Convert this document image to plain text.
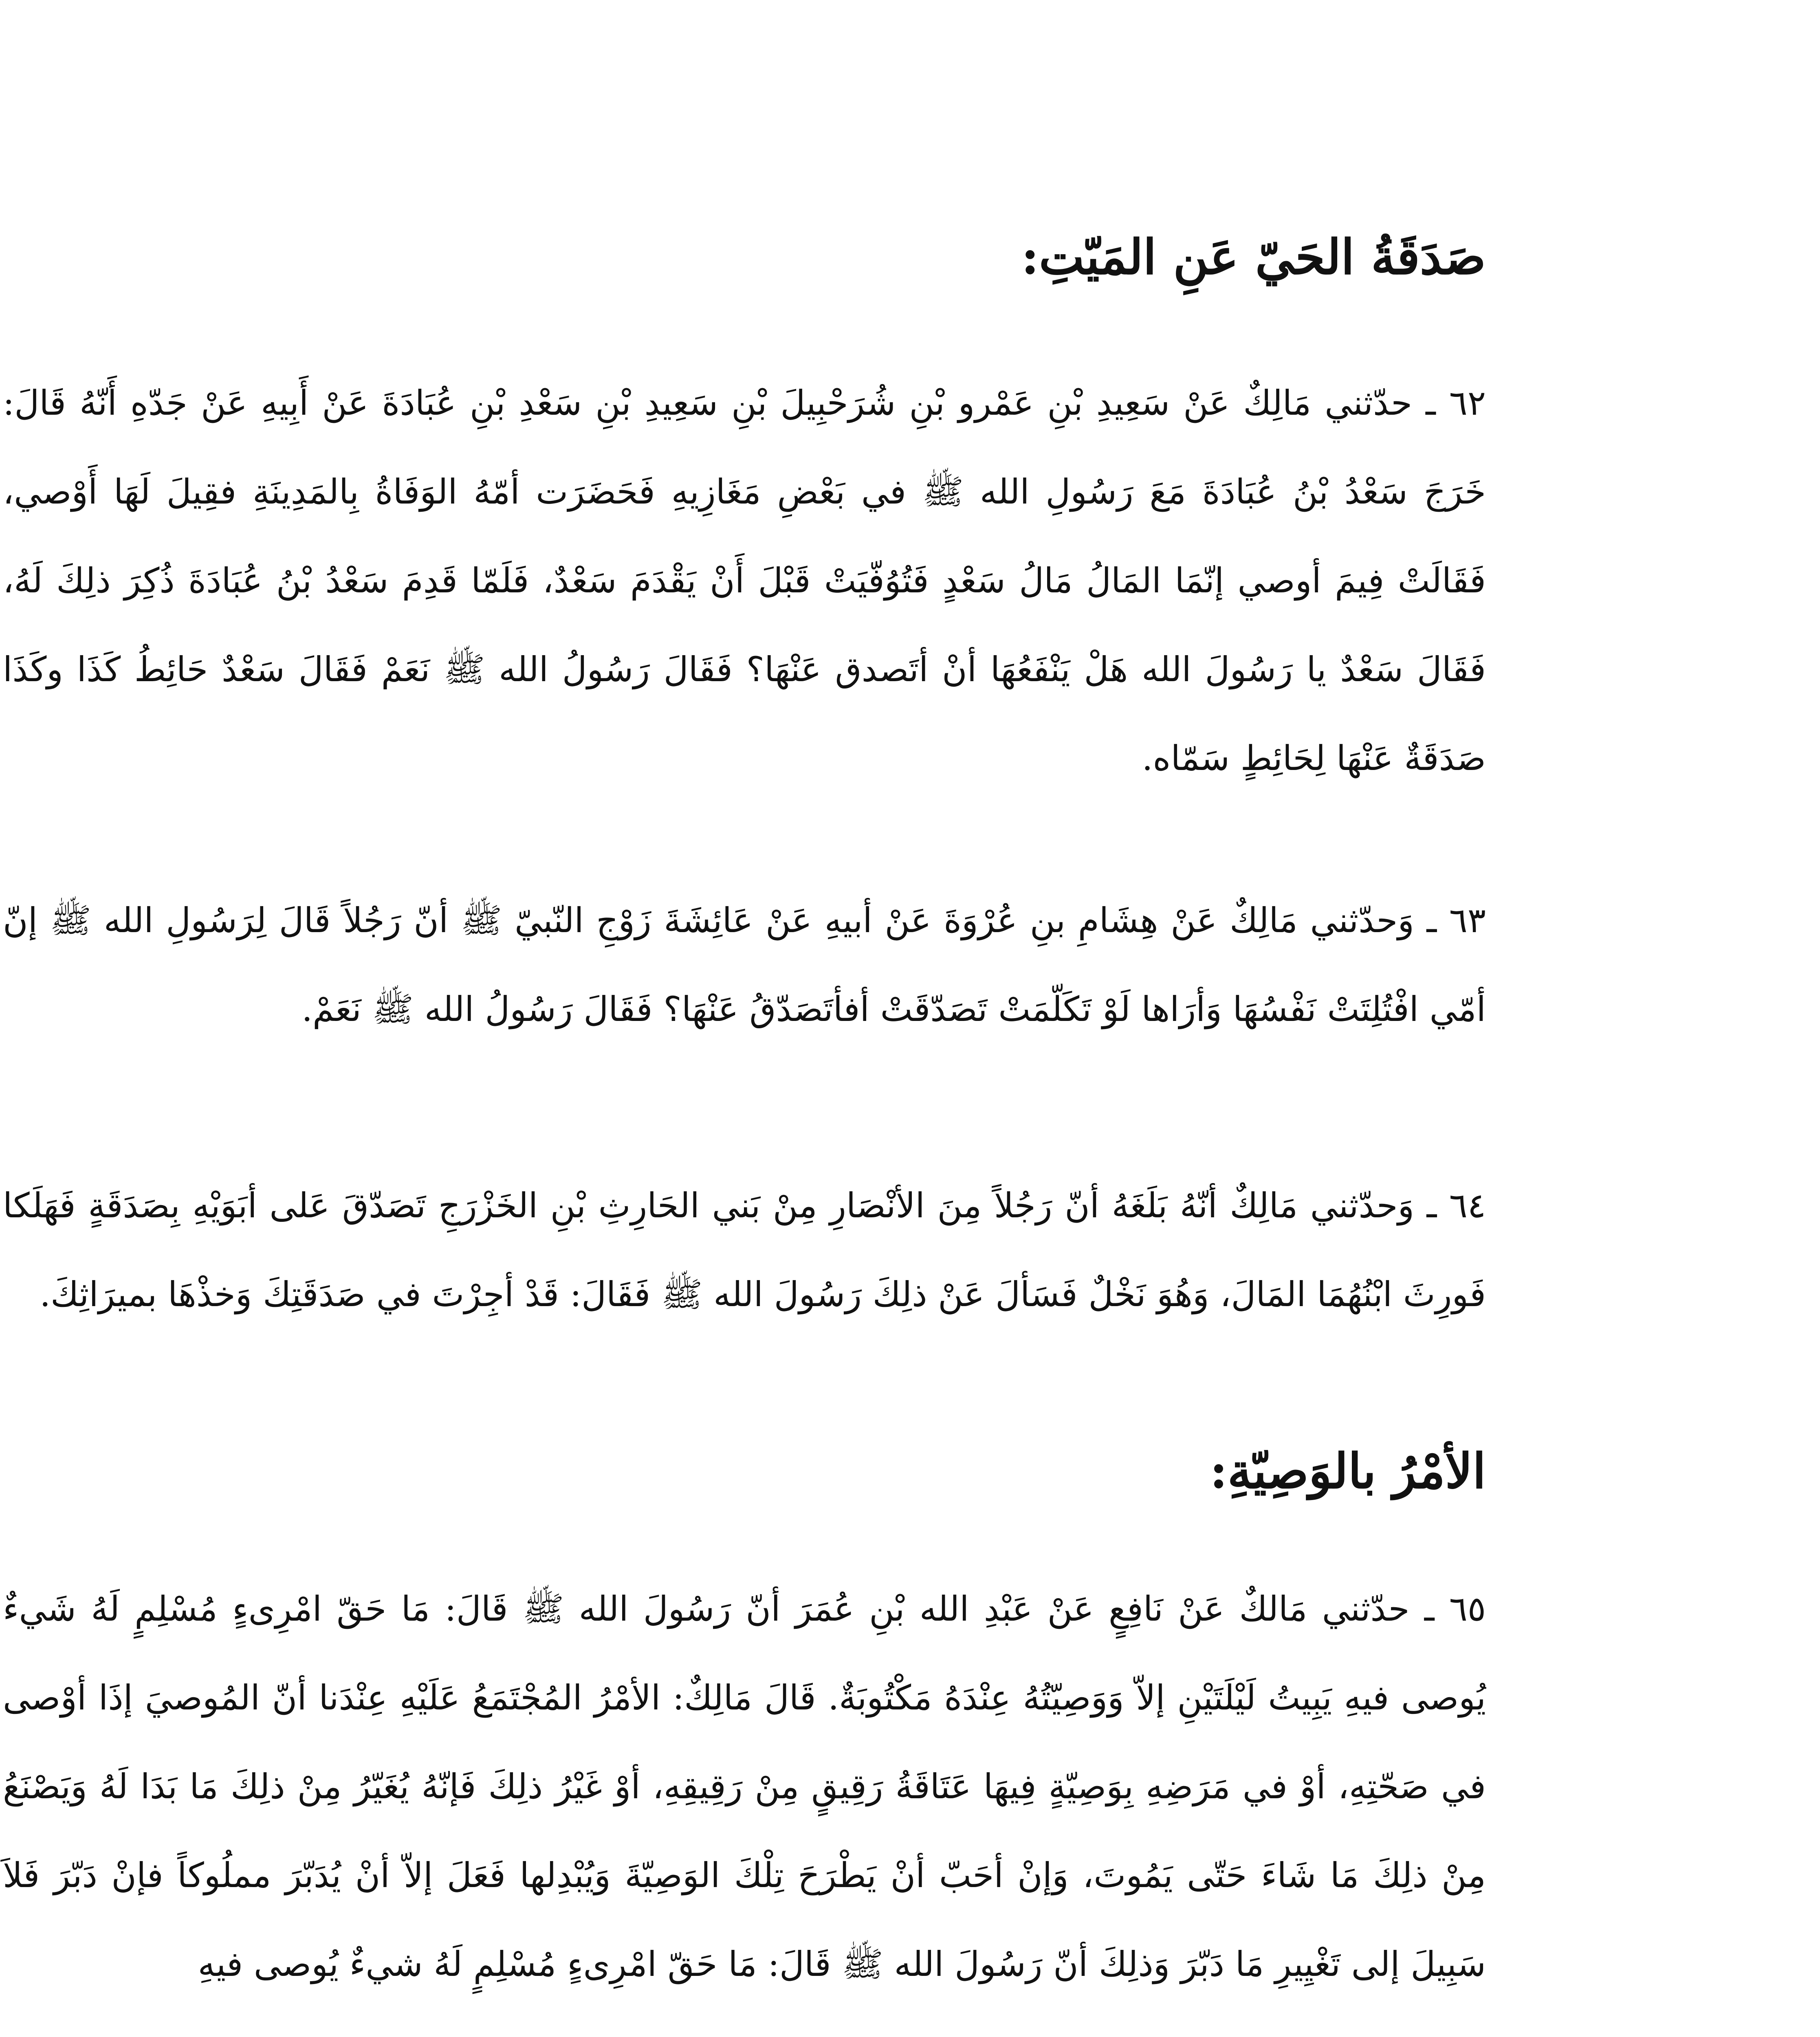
صَدَقَةُ الحَيّ عَنِ المَيّتِ:

٦٢ ـ حدّثني مَالِكٌ عَنْ سَعِيدِ بْنِ عَمْرو بْنِ شُرَحْبِيلَ بْنِ سَعِيدِ بْنِ سَعْدِ بْنِ عُبَادَةَ عَنْ أَبِيهِ عَنْ جَدّهِ أَنّهُ قَالَ: خَرَجَ سَعْدُ بْنُ عُبَادَةَ مَعَ رَسُولِ الله ﷺ في بَعْضِ مَغَازِيهِ فَحَضَرَت أمّهُ الوَفَاةُ بِالمَدِينَةِ فقِيلَ لَهَا أَوْصي، فَقَالَتْ فِيمَ أوصي إنّمَا المَالُ مَالُ سَعْدٍ فَتُوُفّيَتْ قَبْلَ أَنْ يَقْدَمَ سَعْدٌ، فَلَمّا قَدِمَ سَعْدُ بْنُ عُبَادَةَ ذُكِرَ ذلِكَ لَهُ، فَقَالَ سَعْدٌ يا رَسُولَ الله هَلْ يَنْفَعُهَا أنْ أتَصدق عَنْهَا؟ فَقَالَ رَسُولُ الله ﷺ نَعَمْ فَقَالَ سَعْدٌ حَائِطُ كَذَا وكَذَا صَدَقَةٌ عَنْهَا لِحَائِطٍ سَمّاه.

٦٣ ـ وَحدّثني مَالِكٌ عَنْ هِشَامِ بنِ عُرْوَةَ عَنْ أبيهِ عَنْ عَائِشَةَ زَوْجِ النّبيّ ﷺ أنّ رَجُلاً قَالَ لِرَسُولِ الله ﷺ إنّ أمّي افْتُلِتَتْ نَفْسُهَا وَأرَاها لَوْ تَكَلّمَتْ تَصَدّقَتْ أفأتَصَدّقُ عَنْهَا؟ فَقَالَ رَسُولُ الله ﷺ نَعَمْ.

٦٤ ـ وَحدّثني مَالِكٌ أنّهُ بَلَغَهُ أنّ رَجُلاً مِنَ الأنْصَارِ مِنْ بَني الحَارِثِ بْنِ الخَزْرَجِ تَصَدّقَ عَلى أبَوَيْهِ بِصَدَقَةٍ فَهَلَكا فَورِثَ ابْنُهُمَا المَالَ، وَهُوَ نَخْلٌ فَسَألَ عَنْ ذلِكَ رَسُولَ الله ﷺ فَقَالَ: قَدْ أجِرْتَ في صَدَقَتِكَ وَخذْهَا بميرَاثِكَ.

الأمْرُ بالوَصِيّةِ:

٦٥ ـ حدّثني مَالكٌ عَنْ نَافِعٍ عَنْ عَبْدِ الله بْنِ عُمَرَ أنّ رَسُولَ الله ﷺ قَالَ: مَا حَقّ امْرِىءٍ مُسْلِمٍ لَهُ شَيءٌ يُوصى فيهِ يَبِيتُ لَيْلَتَيْنِ إلاّ وَوَصِيّتُهُ عِنْدَهُ مَكْتُوبَةٌ. قَالَ مَالِكٌ: الأمْرُ المُجْتَمَعُ عَلَيْهِ عِنْدَنا أنّ المُوصيَ إذَا أوْصى في صَحّتِهِ، أوْ في مَرَضِهِ بِوَصِيّةٍ فِيهَا عَتَاقَةُ رَقِيقٍ مِنْ رَقِيقِهِ، أوْ غَيْرُ ذلِكَ فَإنّهُ يُغَيّرُ مِنْ ذلِكَ مَا بَدَا لَهُ وَيَصْنَعُ مِنْ ذلِكَ مَا شَاءَ حَتّى يَمُوتَ، وَإنْ أحَبّ أنْ يَطْرَحَ تِلْكَ الوَصِيّةَ وَيُبْدِلها فَعَلَ إلاّ أنْ يُدَبّرَ مملُوكاً فإنْ دَبّرَ فَلاَ سَبِيلَ إلى تَغْيِيرِ مَا دَبّرَ وَذلِكَ أنّ رَسُولَ الله ﷺ قَالَ: مَا حَقّ امْرِىءٍ مُسْلِمٍ لَهُ شيءٌ يُوصى فيهِ
